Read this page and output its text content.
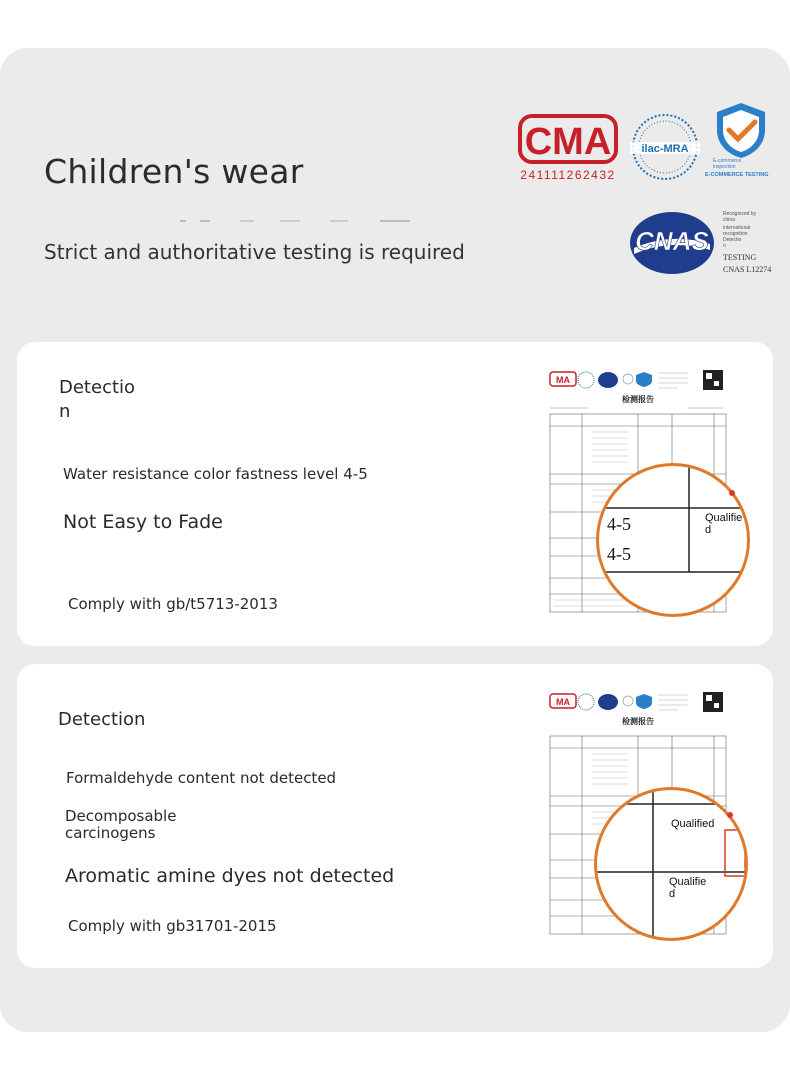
Children's wear
Strict and authoritative testing is required
CMA
241111262432
ilac-MRA
E-commerce
inspection
E-COMMERCE TESTING
CNAS
Recognized by
china
international
recognition
Detectio
n
TESTING
CNAS L12274
Detectio
n
Water resistance color fastness level 4-5
Not Easy to Fade
Comply with gb/t5713-2013
MA
检测报告
4-5
4-5
Qualifie
d
Detection
Formaldehyde content not detected
Decomposable
carcinogens
Aromatic amine dyes not detected
Comply with gb31701-2015
MA
检测报告
Qualified
Qualifie
d
